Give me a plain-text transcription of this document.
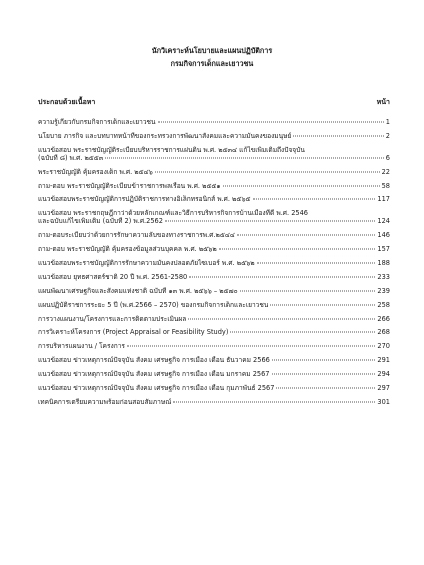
นักวิเคราะห์นโยบายและแผนปฏิบัติการ
กรมกิจการเด็กและเยาวชน
ประกอบด้วยเนื้อหา	หน้า
ความรู้เกี่ยวกับกรมกิจการเด็กและเยาวชน	1
นโยบาย ภารกิจ และบทบาทหน้าที่ของกระทรวงการพัฒนาสังคมและความมั่นคงของมนุษย์	2
แนวข้อสอบ พระราชบัญญัติระเบียบบริหารราชการแผ่นดิน พ.ศ. ๒๕๓๔ แก้ไขเพิ่มเติมถึงปัจจุบัน
(ฉบับที่ ๘) พ.ศ. ๒๕๕๓	6
พระราชบัญญัติ คุ้มครองเด็ก พ.ศ. ๒๕๔๖	22
ถาม-ตอบ พระราชบัญญัติระเบียบข้าราชการพลเรือน พ.ศ. ๒๕๕๑	58
แนวข้อสอบพระราชบัญญัติการปฏิบัติราชการทางอิเล็กทรอนิกส์ พ.ศ. ๒๕๖๕	117
แนวข้อสอบ พระราชกฤษฎีกาว่าด้วยหลักเกณฑ์และวิธีการบริหารกิจการบ้านเมืองที่ดี พ.ศ. 2546
และฉบับแก้ไขเพิ่มเติม (ฉบับที่ 2) พ.ศ.2562	124
ถาม-ตอบระเบียบว่าด้วยการรักษาความลับของทางราชการพ.ศ.๒๕๔๔	146
ถาม-ตอบ พระราชบัญญัติ คุ้มครองข้อมูลส่วนบุคคล พ.ศ. ๒๕๖๒	157
แนวข้อสอบพระราชบัญญัติการรักษาความมั่นคงปลอดภัยไซเบอร์ พ.ศ. ๒๕๖๒	188
แนวข้อสอบ ยุทธศาสตร์ชาติ 20 ปี พ.ศ. 2561-2580	233
แผนพัฒนาเศรษฐกิจและสังคมแห่งชาติ ฉบับที่ ๑๓ พ.ศ. ๒๕๖๖ – ๒๕๗๐	239
แผนปฏิบัติราชการระยะ 5 ปี (พ.ศ.2566 – 2570) ของกรมกิจการเด็กและเยาวชน	258
การวางแผนงาน/โครงการและการติดตามประเมินผล	266
การวิเคราะห์โครงการ (Project Appraisal or Feasibility Study)	268
การบริหารแผนงาน / โครงการ	270
แนวข้อสอบ ข่าวเหตุการณ์ปัจจุบัน สังคม เศรษฐกิจ การเมือง เดือน ธันวาคม 2566	291
แนวข้อสอบ ข่าวเหตุการณ์ปัจจุบัน สังคม เศรษฐกิจ การเมือง เดือน มกราคม 2567	294
แนวข้อสอบ ข่าวเหตุการณ์ปัจจุบัน สังคม เศรษฐกิจ การเมือง เดือน กุมภาพันธ์ 2567	297
เทคนิคการเตรียมความพร้อมก่อนสอบสัมภาษณ์	301
